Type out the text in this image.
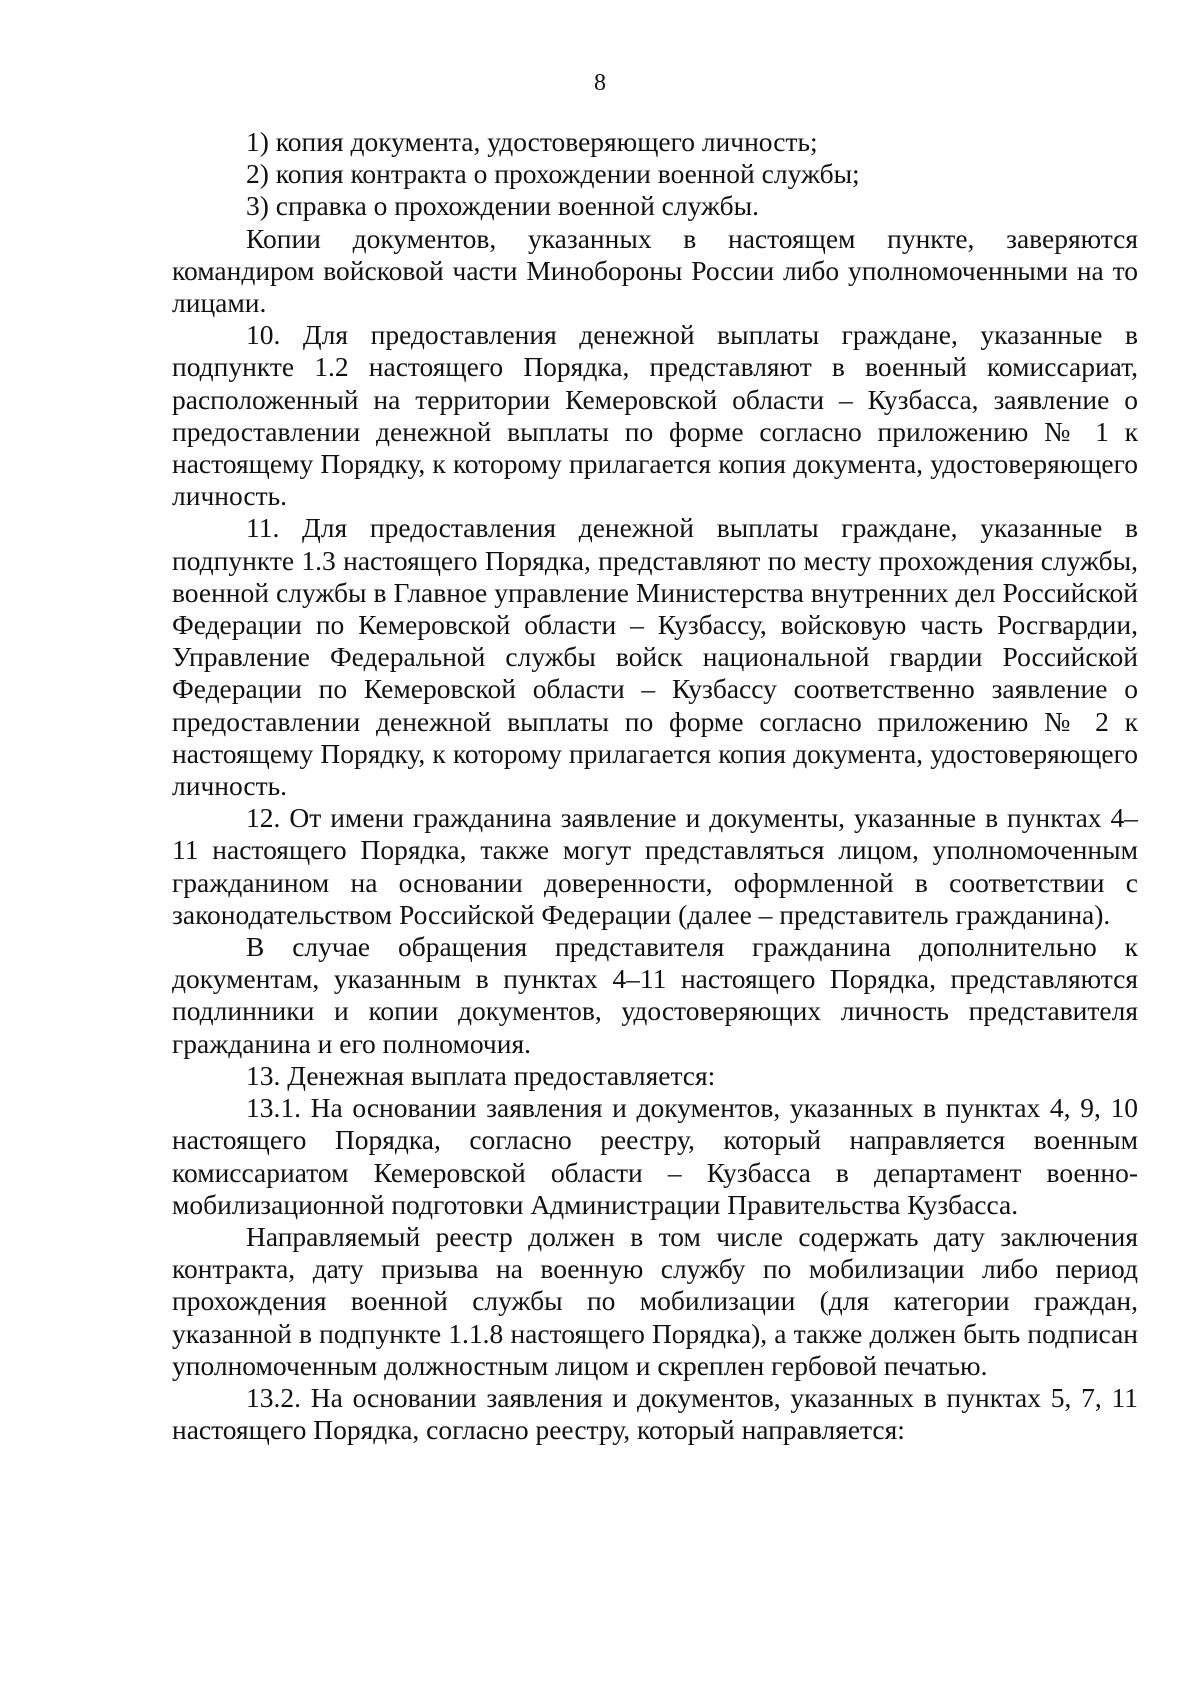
8

1) копия документа, удостоверяющего личность;

2) копия контракта о прохождении военной службы;

3) справка о прохождении военной службы.

Копии документов, указанных в настоящем пункте, заверяются командиром войсковой части Минобороны России либо уполномоченными на то лицами.

10. Для предоставления денежной выплаты граждане, указанные в подпункте 1.2 настоящего Порядка, представляют в военный комиссариат, расположенный на территории Кемеровской области – Кузбасса, заявление о предоставлении денежной выплаты по форме согласно приложению № 1 к настоящему Порядку, к которому прилагается копия документа, удостоверяющего личность.

11. Для предоставления денежной выплаты граждане, указанные в подпункте 1.3 настоящего Порядка, представляют по месту прохождения службы, военной службы в Главное управление Министерства внутренних дел Российской Федерации по Кемеровской области – Кузбассу, войсковую часть Росгвардии, Управление Федеральной службы войск национальной гвардии Российской Федерации по Кемеровской области – Кузбассу соответственно заявление о предоставлении денежной выплаты по форме согласно приложению № 2 к настоящему Порядку, к которому прилагается копия документа, удостоверяющего личность.

12. От имени гражданина заявление и документы, указанные в пунктах 4–11 настоящего Порядка, также могут представляться лицом, уполномоченным гражданином на основании доверенности, оформленной в соответствии с законодательством Российской Федерации (далее – представитель гражданина).

В случае обращения представителя гражданина дополнительно к документам, указанным в пунктах 4–11 настоящего Порядка, представляются подлинники и копии документов, удостоверяющих личность представителя гражданина и его полномочия.

13. Денежная выплата предоставляется:

13.1. На основании заявления и документов, указанных в пунктах 4, 9, 10 настоящего Порядка, согласно реестру, который направляется военным комиссариатом Кемеровской области – Кузбасса в департамент военно-мобилизационной подготовки Администрации Правительства Кузбасса.

Направляемый реестр должен в том числе содержать дату заключения контракта, дату призыва на военную службу по мобилизации либо период прохождения военной службы по мобилизации (для категории граждан, указанной в подпункте 1.1.8 настоящего Порядка), а также должен быть подписан уполномоченным должностным лицом и скреплен гербовой печатью.

13.2. На основании заявления и документов, указанных в пунктах 5, 7, 11 настоящего Порядка, согласно реестру, который направляется:
